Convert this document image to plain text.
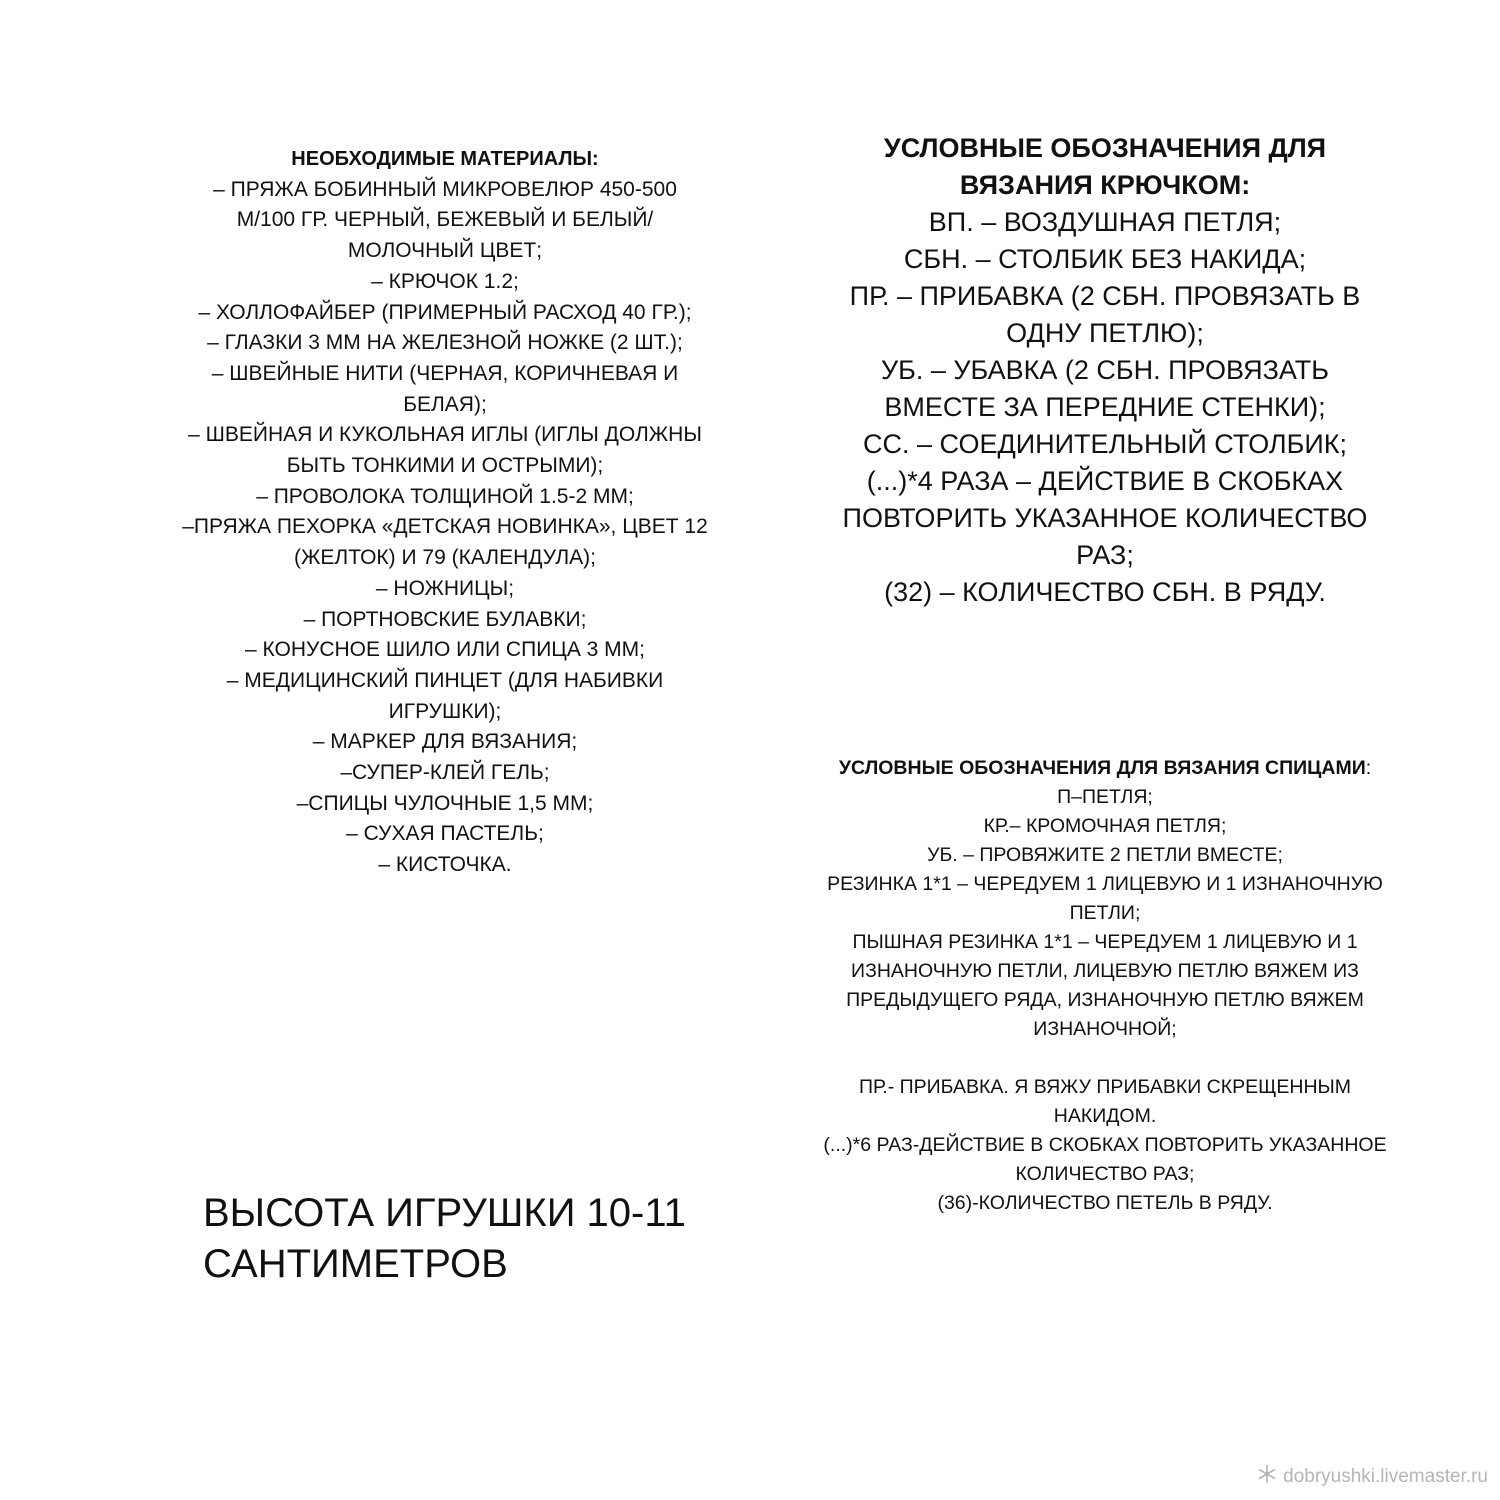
НЕОБХОДИМЫЕ МАТЕРИАЛЫ:
– ПРЯЖА БОБИННЫЙ МИКРОВЕЛЮР 450-500
М/100 ГР. ЧЕРНЫЙ, БЕЖЕВЫЙ И БЕЛЫЙ/
МОЛОЧНЫЙ ЦВЕТ;
– КРЮЧОК 1.2;
– ХОЛЛОФАЙБЕР (ПРИМЕРНЫЙ РАСХОД 40 ГР.);
– ГЛАЗКИ 3 ММ НА ЖЕЛЕЗНОЙ НОЖКЕ (2 ШТ.);
– ШВЕЙНЫЕ НИТИ (ЧЕРНАЯ, КОРИЧНЕВАЯ И
БЕЛАЯ);
– ШВЕЙНАЯ И КУКОЛЬНАЯ ИГЛЫ (ИГЛЫ ДОЛЖНЫ
БЫТЬ ТОНКИМИ И ОСТРЫМИ);
– ПРОВОЛОКА ТОЛЩИНОЙ 1.5-2 ММ;
–ПРЯЖА ПЕХОРКА «ДЕТСКАЯ НОВИНКА», ЦВЕТ 12
(ЖЕЛТОК) И 79 (КАЛЕНДУЛА);
– НОЖНИЦЫ;
– ПОРТНОВСКИЕ БУЛАВКИ;
– КОНУСНОЕ ШИЛО ИЛИ СПИЦА 3 ММ;
– МЕДИЦИНСКИЙ ПИНЦЕТ (ДЛЯ НАБИВКИ
ИГРУШКИ);
– МАРКЕР ДЛЯ ВЯЗАНИЯ;
–СУПЕР-КЛЕЙ ГЕЛЬ;
–СПИЦЫ ЧУЛОЧНЫЕ 1,5 ММ;
– СУХАЯ ПАСТЕЛЬ;
– КИСТОЧКА.
УСЛОВНЫЕ ОБОЗНАЧЕНИЯ ДЛЯ
ВЯЗАНИЯ КРЮЧКОМ:
ВП. – ВОЗДУШНАЯ ПЕТЛЯ;
СБН. – СТОЛБИК БЕЗ НАКИДА;
ПР. – ПРИБАВКА (2 СБН. ПРОВЯЗАТЬ В
ОДНУ ПЕТЛЮ);
УБ. – УБАВКА (2 СБН. ПРОВЯЗАТЬ
ВМЕСТЕ ЗА ПЕРЕДНИЕ СТЕНКИ);
СС. – СОЕДИНИТЕЛЬНЫЙ СТОЛБИК;
(...)*4 РАЗА – ДЕЙСТВИЕ В СКОБКАХ
ПОВТОРИТЬ УКАЗАННОЕ КОЛИЧЕСТВО
РАЗ;
(32) – КОЛИЧЕСТВО СБН. В РЯДУ.
УСЛОВНЫЕ ОБОЗНАЧЕНИЯ ДЛЯ ВЯЗАНИЯ СПИЦАМИ:
П–ПЕТЛЯ;
КР.– КРОМОЧНАЯ ПЕТЛЯ;
УБ. – ПРОВЯЖИТЕ 2 ПЕТЛИ ВМЕСТЕ;
РЕЗИНКА 1*1 – ЧЕРЕДУЕМ 1 ЛИЦЕВУЮ И 1 ИЗНАНОЧНУЮ
ПЕТЛИ;
ПЫШНАЯ РЕЗИНКА 1*1 – ЧЕРЕДУЕМ 1 ЛИЦЕВУЮ И 1
ИЗНАНОЧНУЮ ПЕТЛИ, ЛИЦЕВУЮ ПЕТЛЮ ВЯЖЕМ ИЗ
ПРЕДЫДУЩЕГО РЯДА, ИЗНАНОЧНУЮ ПЕТЛЮ ВЯЖЕМ
ИЗНАНОЧНОЙ;
ПР.- ПРИБАВКА. Я ВЯЖУ ПРИБАВКИ СКРЕЩЕННЫМ
НАКИДОМ.
(...)*6 РАЗ-ДЕЙСТВИЕ В СКОБКАХ ПОВТОРИТЬ УКАЗАННОЕ
КОЛИЧЕСТВО РАЗ;
(36)-КОЛИЧЕСТВО ПЕТЕЛЬ В РЯДУ.
ВЫСОТА ИГРУШКИ 10-11
САНТИМЕТРОВ
dobryushki.livemaster.ru
